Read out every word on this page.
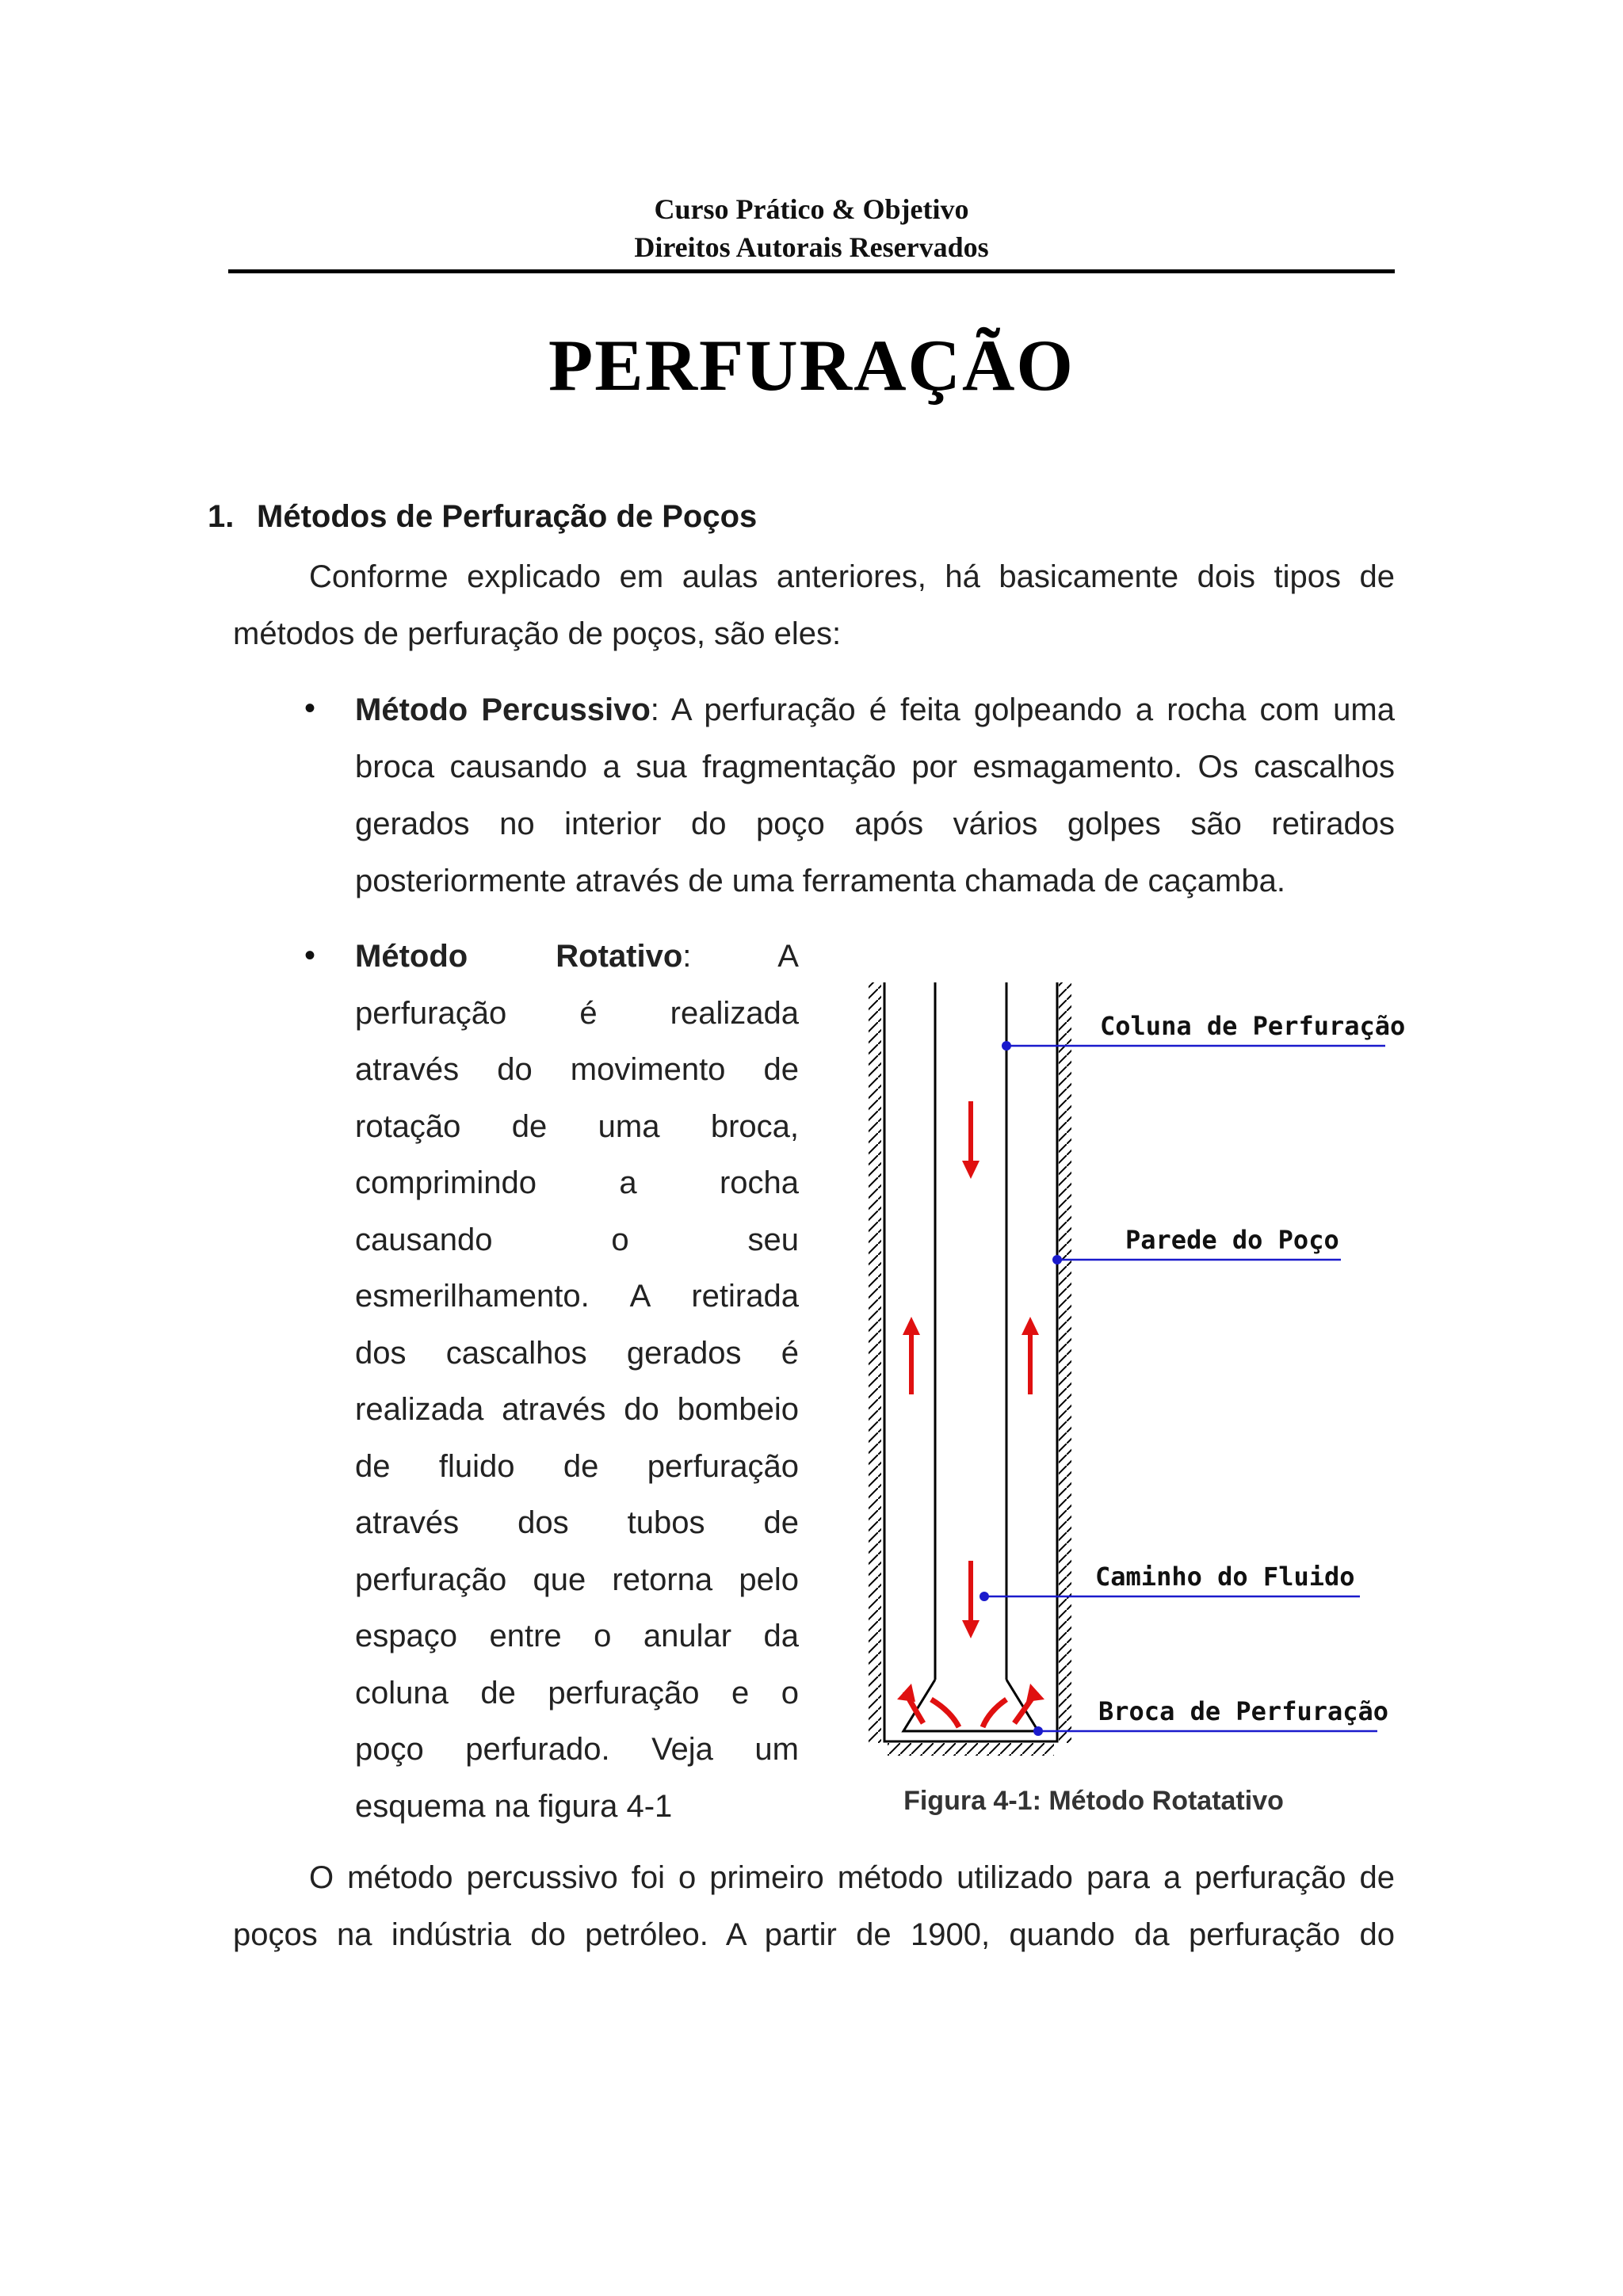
Curso Prático & Objetivo
Direitos Autorais Reservados
PERFURAÇÃO
1. Métodos de Perfuração de Poços
Conforme explicado em aulas anteriores, há basicamente dois tipos de
métodos de perfuração de poços, são eles:
• Método Percussivo: A perfuração é feita golpeando a rocha com uma
broca causando a sua fragmentação por esmagamento. Os cascalhos
gerados no interior do poço após vários golpes são retirados
posteriormente através de uma ferramenta chamada de caçamba.
• Método	Rotativo: A
perfuração é realizada
através do movimento de
rotação de uma broca,
comprimindo a rocha
causando o seu
esmerilhamento. A retirada
dos cascalhos gerados é
realizada através do bombeio
de fluido de perfuração
através dos tubos de
perfuração que retorna pelo
espaço entre o anular da
coluna de perfuração e o
poço perfurado. Veja um
esquema na figura 4-1
Coluna de Perfuração
Parede do Poço
Caminho do Fluido
Broca de Perfuração
Figura 4-1: Método Rotatativo
O método percussivo foi o primeiro método utilizado para a perfuração de
poços na indústria do petróleo. A partir de 1900, quando da perfuração do
